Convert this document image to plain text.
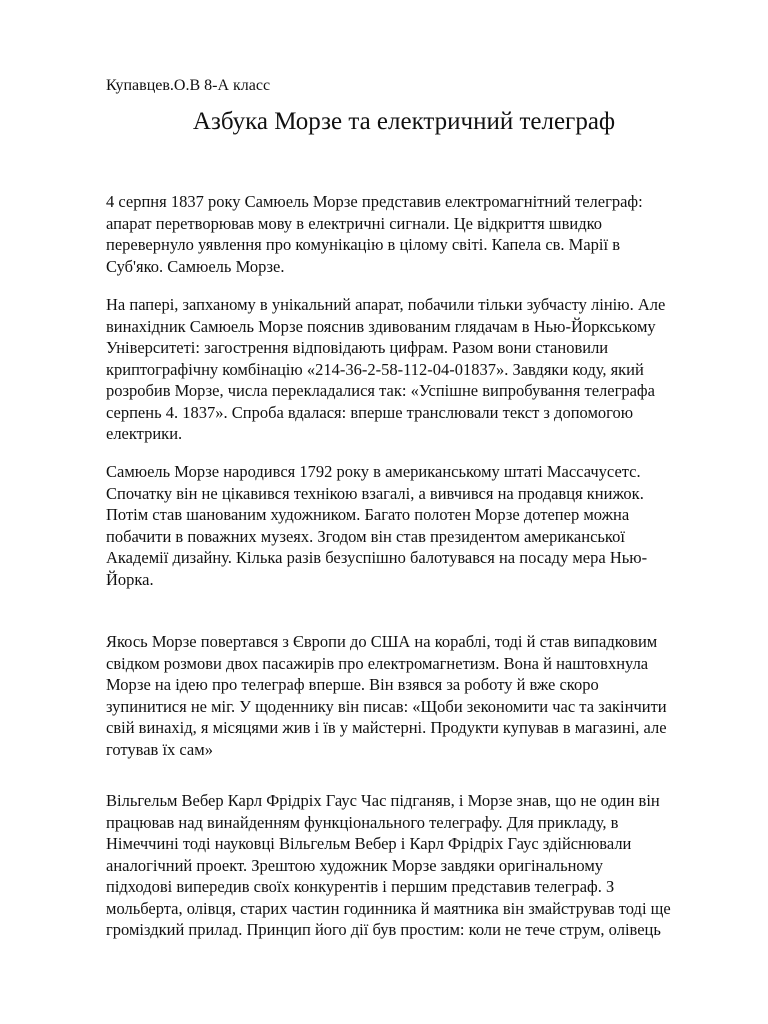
Купавцев.О.В 8-А класс
Азбука Морзе та електричний телеграф
4 серпня 1837 року Самюель Морзе представив електромагнітний телеграф:
апарат перетворював мову в електричні сигнали. Це відкриття швидко
перевернуло уявлення про комунікацію в цілому світі. Капела св. Марії в
Суб'яко. Самюель Морзе.
На папері, запханому в унікальний апарат, побачили тільки зубчасту лінію. Але
винахідник Самюель Морзе пояснив здивованим глядачам в Нью-Йоркському
Університеті: загострення відповідають цифрам. Разом вони становили
криптографічну комбінацію «214-36-2-58-112-04-01837». Завдяки коду, який
розробив Морзе, числа перекладалися так: «Успішне випробування телеграфа
серпень 4. 1837». Спроба вдалася: вперше транслювали текст з допомогою
електрики.
Самюель Морзе народився 1792 року в американському штаті Массачусетс.
Спочатку він не цікавився технікою взагалі, а вивчився на продавця книжок.
Потім став шанованим художником. Багато полотен Морзе дотепер можна
побачити в поважних музеях. Згодом він став президентом американської
Академії дизайну. Кілька разів безуспішно балотувався на посаду мера Нью-
Йорка.
Якось Морзе повертався з Європи до США на кораблі, тоді й став випадковим
свідком розмови двох пасажирів про електромагнетизм. Вона й наштовхнула
Морзе на ідею про телеграф вперше. Він взявся за роботу й вже скоро
зупинитися не міг. У щоденнику він писав: «Щоби зекономити час та закінчити
свій винахід, я місяцями жив і їв у майстерні. Продукти купував в магазині, але
готував їх сам»
Вільгельм Вебер Карл Фрідріх Гаус Час підганяв, і Морзе знав, що не один він
працював над винайденням функціонального телеграфу. Для прикладу, в
Німеччині тоді науковці Вільгельм Вебер і Карл Фрідріх Гаус здійснювали
аналогічний проект. Зрештою художник Морзе завдяки оригінальному
підходові випередив своїх конкурентів і першим представив телеграф. З
мольберта, олівця, старих частин годинника й маятника він змайстрував тоді ще
громіздкий прилад. Принцип його дії був простим: коли не тече струм, олівець
